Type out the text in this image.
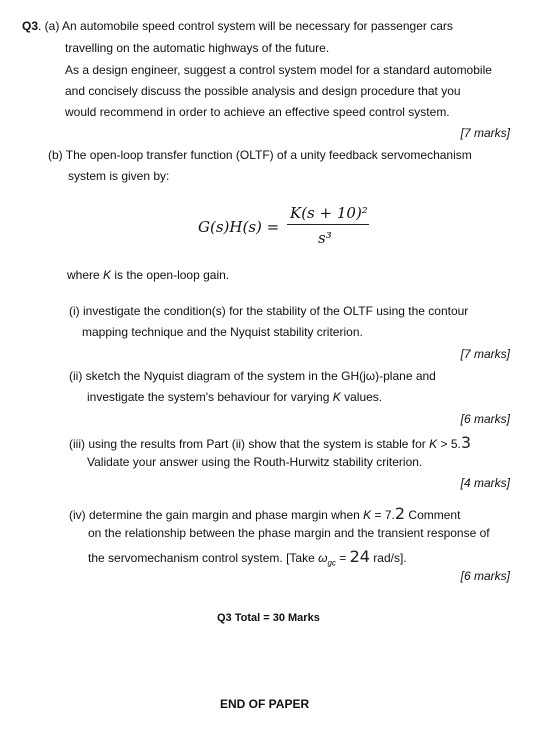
Q3. (a) An automobile speed control system will be necessary for passenger cars
travelling on the automatic highways of the future.
As a design engineer, suggest a control system model for a standard automobile
and concisely discuss the possible analysis and design procedure that you
would recommend in order to achieve an effective speed control system.
[7 marks]
(b) The open-loop transfer function (OLTF) of a unity feedback servomechanism
system is given by:
G(s)H(s) =
K(s + 10)²
s³
where K is the open-loop gain.
(i) investigate the condition(s) for the stability of the OLTF using the contour
mapping technique and the Nyquist stability criterion.
[7 marks]
(ii) sketch the Nyquist diagram of the system in the GH(jω)-plane and
investigate the system's behaviour for varying K values.
[6 marks]
(iii) using the results from Part (ii) show that the system is stable for K > 5.3
Validate your answer using the Routh-Hurwitz stability criterion.
[4 marks]
(iv) determine the gain margin and phase margin when K = 7.2 Comment
on the relationship between the phase margin and the transient response of
the servomechanism control system. [Take $\omega_{gc} = 24$ rad/s].
[6 marks]
Q3 Total = 30 Marks
END OF PAPER
